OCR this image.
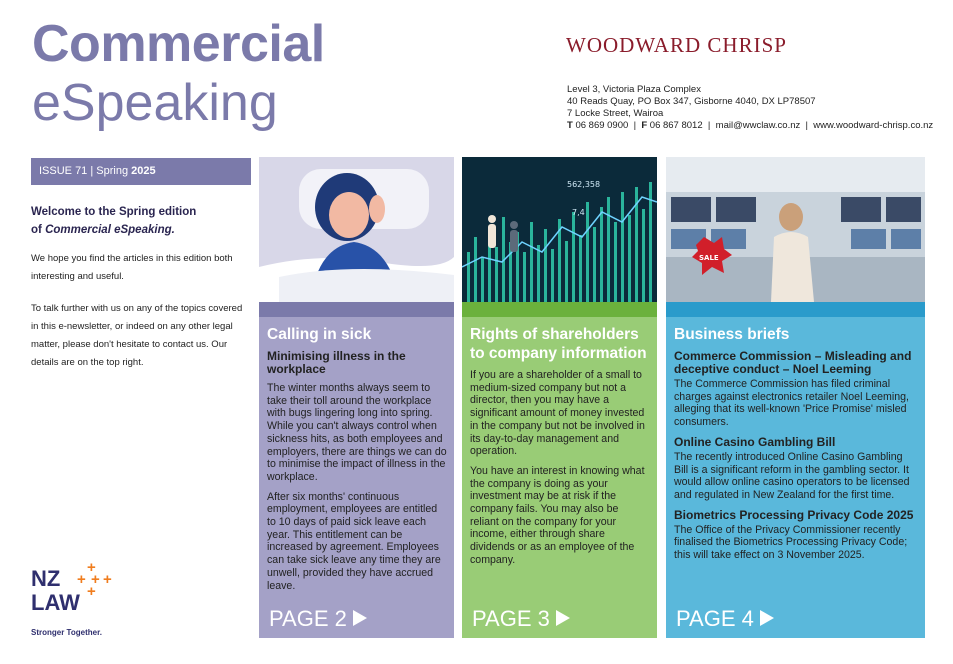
Commercial
eSpeaking
WOODWARD CHRISP
Level 3, Victoria Plaza Complex
40 Reads Quay, PO Box 347, Gisborne 4040, DX LP78507
7 Locke Street, Wairoa
T 06 869 0900  |  F 06 867 8012  |  mail@wwclaw.co.nz  |  www.woodward-chrisp.co.nz
ISSUE 71 | Spring 2025
Welcome to the Spring edition
of Commercial eSpeaking.
We hope you find the articles in this edition both interesting and useful.
To talk further with us on any of the topics covered in this e-newsletter, or indeed on any other legal matter, please don't hesitate to contact us. Our details are on the top right.
NZ
LAW
+
+ + +
+
Stronger Together.
Calling in sick
Minimising illness in the workplace
The winter months always seem to take their toll around the workplace with bugs lingering long into spring. While you can't always control when sickness hits, as both employees and employers, there are things we can do to minimise the impact of illness in the workplace.
After six months' continuous employment, employees are entitled to 10 days of paid sick leave each year. This entitlement can be increased by agreement. Employees can take sick leave any time they are unwell, provided they have accrued leave.
PAGE 2
562,358
7,4
Rights of shareholders to company information
If you are a shareholder of a small to medium-sized company but not a director, then you may have a significant amount of money invested in the company but not be involved in its day-to-day management and operation.
You have an interest in knowing what the company is doing as your investment may be at risk if the company fails. You may also be reliant on the company for your income, either through share dividends or as an employee of the company.
PAGE 3
SALE
Business briefs
Commerce Commission – Misleading and deceptive conduct – Noel Leeming
The Commerce Commission has filed criminal charges against electronics retailer Noel Leeming, alleging that its well-known 'Price Promise' misled consumers.
Online Casino Gambling Bill
The recently introduced Online Casino Gambling Bill is a significant reform in the gambling sector. It would allow online casino operators to be licensed and regulated in New Zealand for the first time.
Biometrics Processing Privacy Code 2025
The Office of the Privacy Commissioner recently finalised the Biometrics Processing Privacy Code; this will take effect on 3 November 2025.
PAGE 4
